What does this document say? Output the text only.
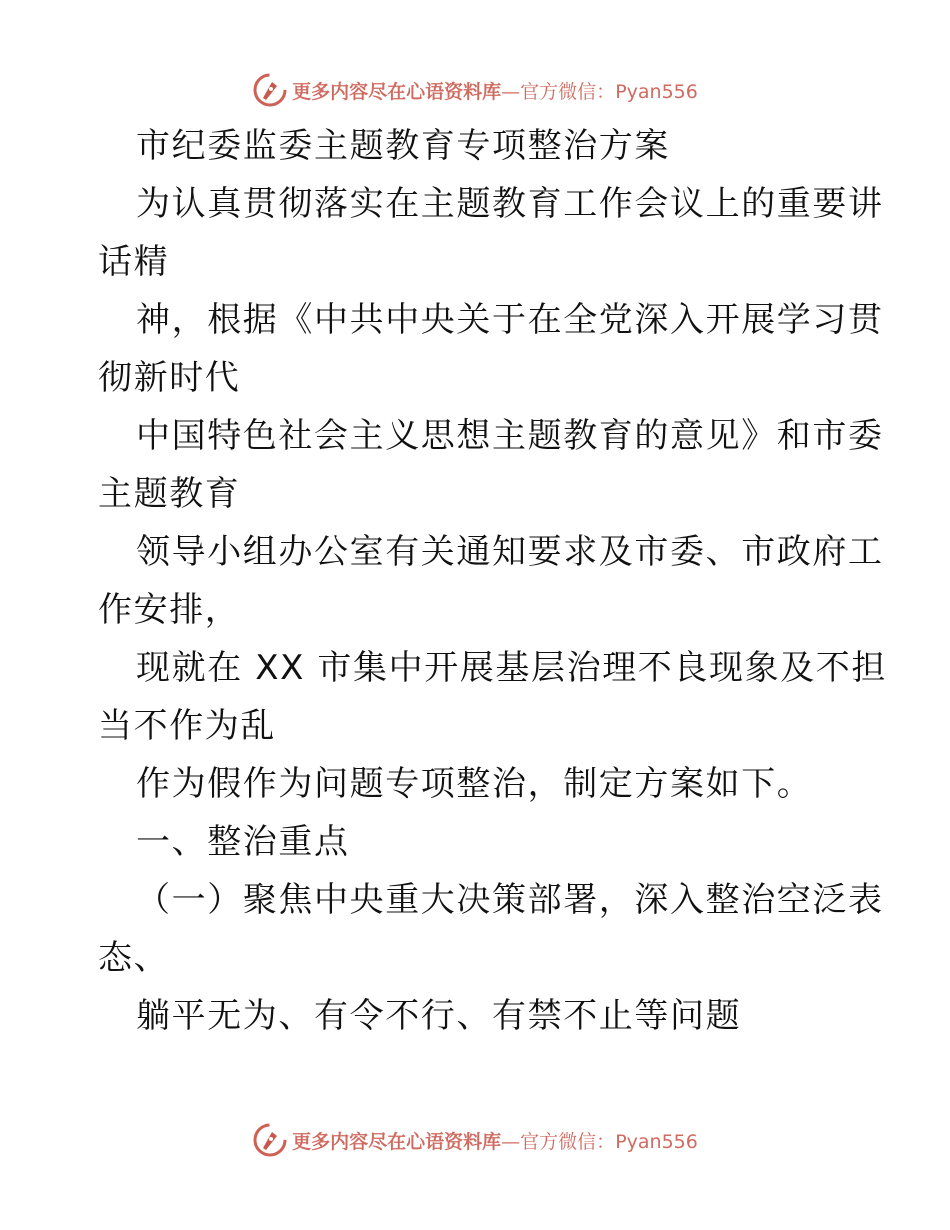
更多内容尽在心语资料库—官方微信：Pyan556
市纪委监委主题教育专项整治方案
为认真贯彻落实在主题教育工作会议上的重要讲
话精
神，根据《中共中央关于在全党深入开展学习贯
彻新时代
中国特色社会主义思想主题教育的意见》和市委
主题教育
领导小组办公室有关通知要求及市委、市政府工
作安排，
现就在 XX 市集中开展基层治理不良现象及不担
当不作为乱
作为假作为问题专项整治，制定方案如下。
一、整治重点
（一）聚焦中央重大决策部署，深入整治空泛表
态、
躺平无为、有令不行、有禁不止等问题
更多内容尽在心语资料库—官方微信：Pyan556
